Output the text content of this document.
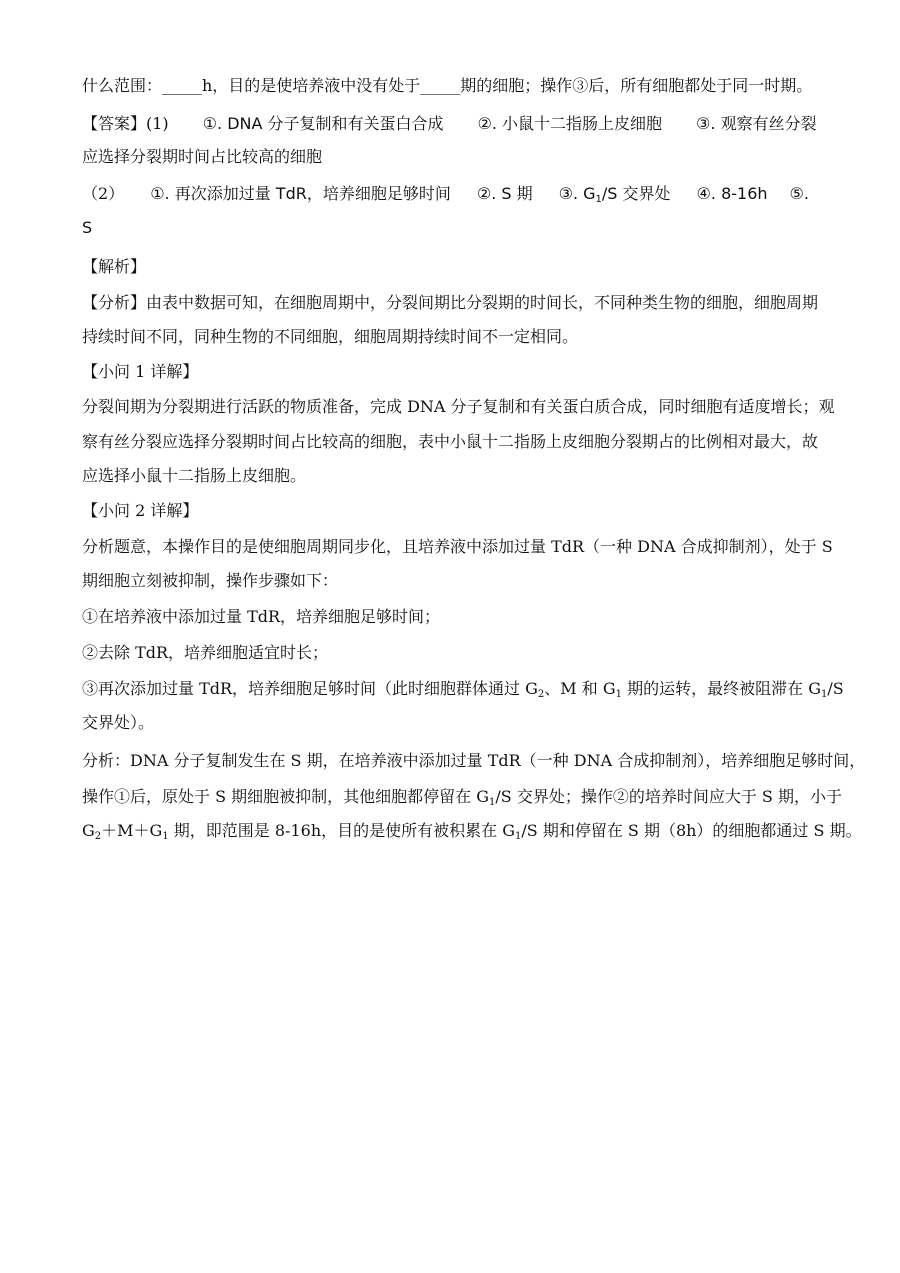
什么范围：_____h，目的是使培养液中没有处于_____期的细胞；操作③后，所有细胞都处于同一时期。
【答案】(1) ①. DNA 分子复制和有关蛋白合成 ②. 小鼠十二指肠上皮细胞 ③. 观察有丝分裂
应选择分裂期时间占比较高的细胞
（2） ①. 再次添加过量 TdR，培养细胞足够时间 ②. S 期 ③. $G_1/S$ 交界处 ④. 8-16h ⑤.
S
【解析】
【分析】由表中数据可知，在细胞周期中，分裂间期比分裂期的时间长，不同种类生物的细胞，细胞周期
持续时间不同，同种生物的不同细胞，细胞周期持续时间不一定相同。
【小问 1 详解】
分裂间期为分裂期进行活跃的物质准备，完成 DNA 分子复制和有关蛋白质合成，同时细胞有适度增长；观
察有丝分裂应选择分裂期时间占比较高的细胞，表中小鼠十二指肠上皮细胞分裂期占的比例相对最大，故
应选择小鼠十二指肠上皮细胞。
【小问 2 详解】
分析题意，本操作目的是使细胞周期同步化，且培养液中添加过量 TdR（一种 DNA 合成抑制剂），处于 S
期细胞立刻被抑制，操作步骤如下：
①在培养液中添加过量 TdR，培养细胞足够时间；
②去除 TdR，培养细胞适宜时长；
③再次添加过量 TdR，培养细胞足够时间（此时细胞群体通过 $G_2$、M 和 $G_1$ 期的运转，最终被阻滞在 $G_1/S$
交界处）。
分析：DNA 分子复制发生在 S 期，在培养液中添加过量 TdR（一种 DNA 合成抑制剂），培养细胞足够时间，
操作①后，原处于 S 期细胞被抑制，其他细胞都停留在 $G_1/S$ 交界处；操作②的培养时间应大于 S 期，小于
$G_2+M+G_1$ 期，即范围是 8-16h，目的是使所有被积累在 $G_1/S$ 期和停留在 S 期（8h）的细胞都通过 S 期。
